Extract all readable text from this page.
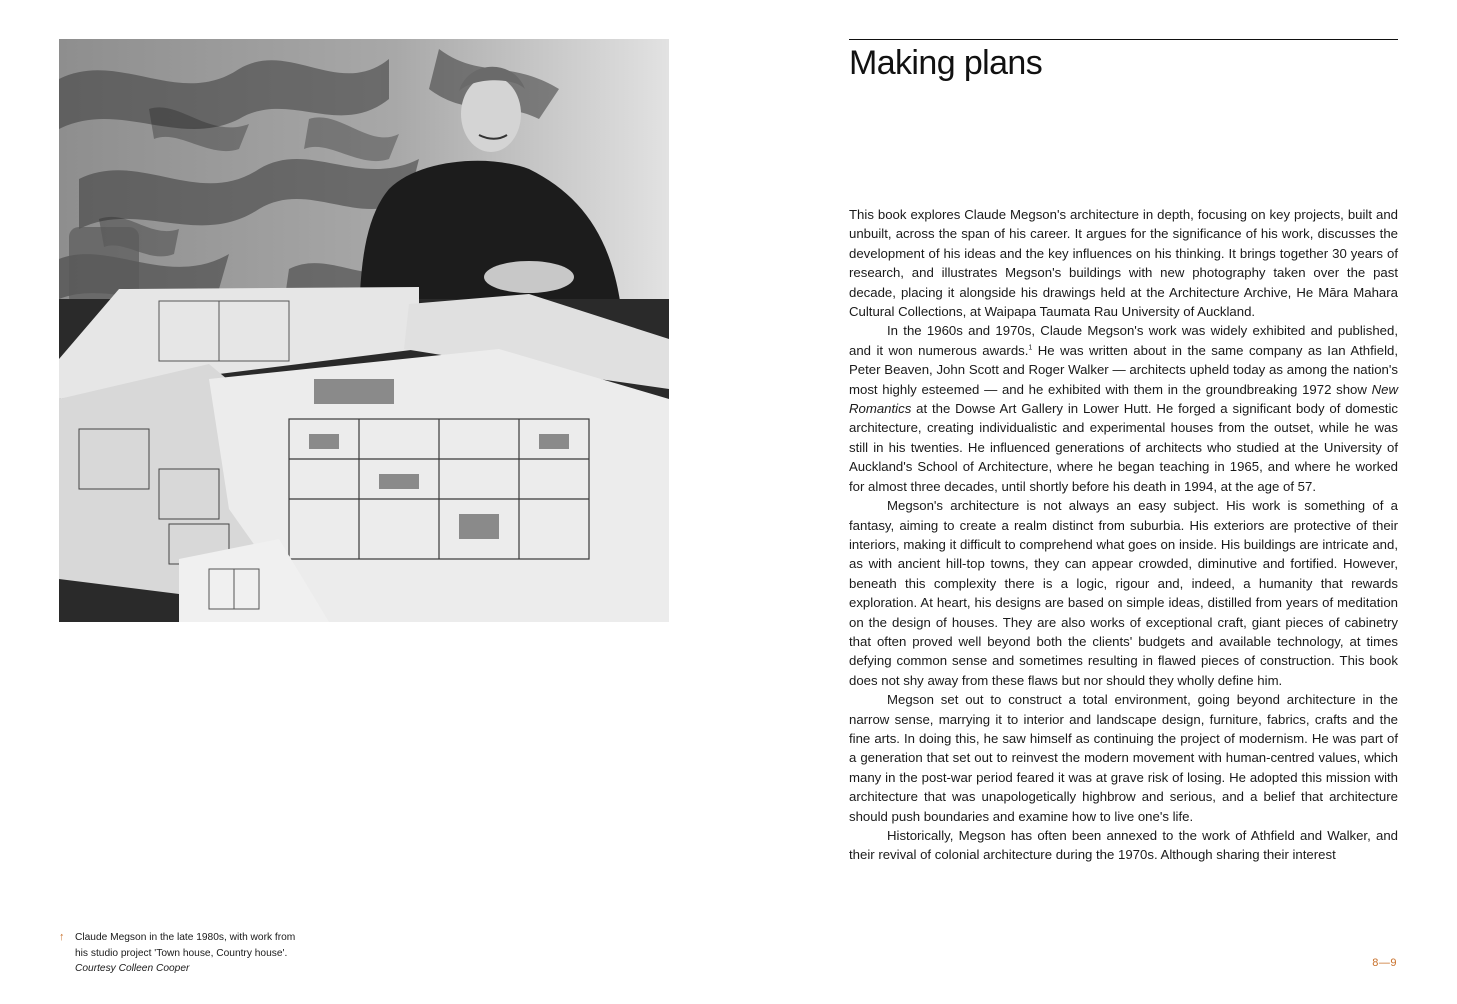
↑	Claude Megson in the late 1980s, with work from his studio project 'Town house, Country house'. Courtesy Colleen Cooper
Making plans

This book explores Claude Megson's architecture in depth, focusing on key projects, built and unbuilt, across the span of his career. It argues for the significance of his work, discusses the development of his ideas and the key influences on his thinking. It brings together 30 years of research, and illustrates Megson's buildings with new photography taken over the past decade, placing it alongside his drawings held at the Architecture Archive, He Māra Mahara Cultural Collections, at Waipapa Taumata Rau University of Auckland.

In the 1960s and 1970s, Claude Megson's work was widely exhibited and published, and it won numerous awards.$^1$ He was written about in the same company as Ian Athfield, Peter Beaven, John Scott and Roger Walker — architects upheld today as among the nation's most highly esteemed — and he exhibited with them in the groundbreaking 1972 show New Romantics at the Dowse Art Gallery in Lower Hutt. He forged a significant body of domestic architecture, creating individualistic and experimental houses from the outset, while he was still in his twenties. He influenced generations of architects who studied at the University of Auckland's School of Architecture, where he began teaching in 1965, and where he worked for almost three decades, until shortly before his death in 1994, at the age of 57.

Megson's architecture is not always an easy subject. His work is something of a fantasy, aiming to create a realm distinct from suburbia. His exteriors are protective of their interiors, making it difficult to comprehend what goes on inside. His buildings are intricate and, as with ancient hill-top towns, they can appear crowded, diminutive and fortified. However, beneath this complexity there is a logic, rigour and, indeed, a humanity that rewards exploration. At heart, his designs are based on simple ideas, distilled from years of meditation on the design of houses. They are also works of exceptional craft, giant pieces of cabinetry that often proved well beyond both the clients' budgets and available technology, at times defying common sense and sometimes resulting in flawed pieces of construction. This book does not shy away from these flaws but nor should they wholly define him.

Megson set out to construct a total environment, going beyond architecture in the narrow sense, marrying it to interior and landscape design, furniture, fabrics, crafts and the fine arts. In doing this, he saw himself as continuing the project of modernism. He was part of a generation that set out to reinvest the modern movement with human-centred values, which many in the post-war period feared it was at grave risk of losing. He adopted this mission with architecture that was unapologetically highbrow and serious, and a belief that architecture should push boundaries and examine how to live one's life.

Historically, Megson has often been annexed to the work of Athfield and Walker, and their revival of colonial architecture during the 1970s. Although sharing their interest

8—9
